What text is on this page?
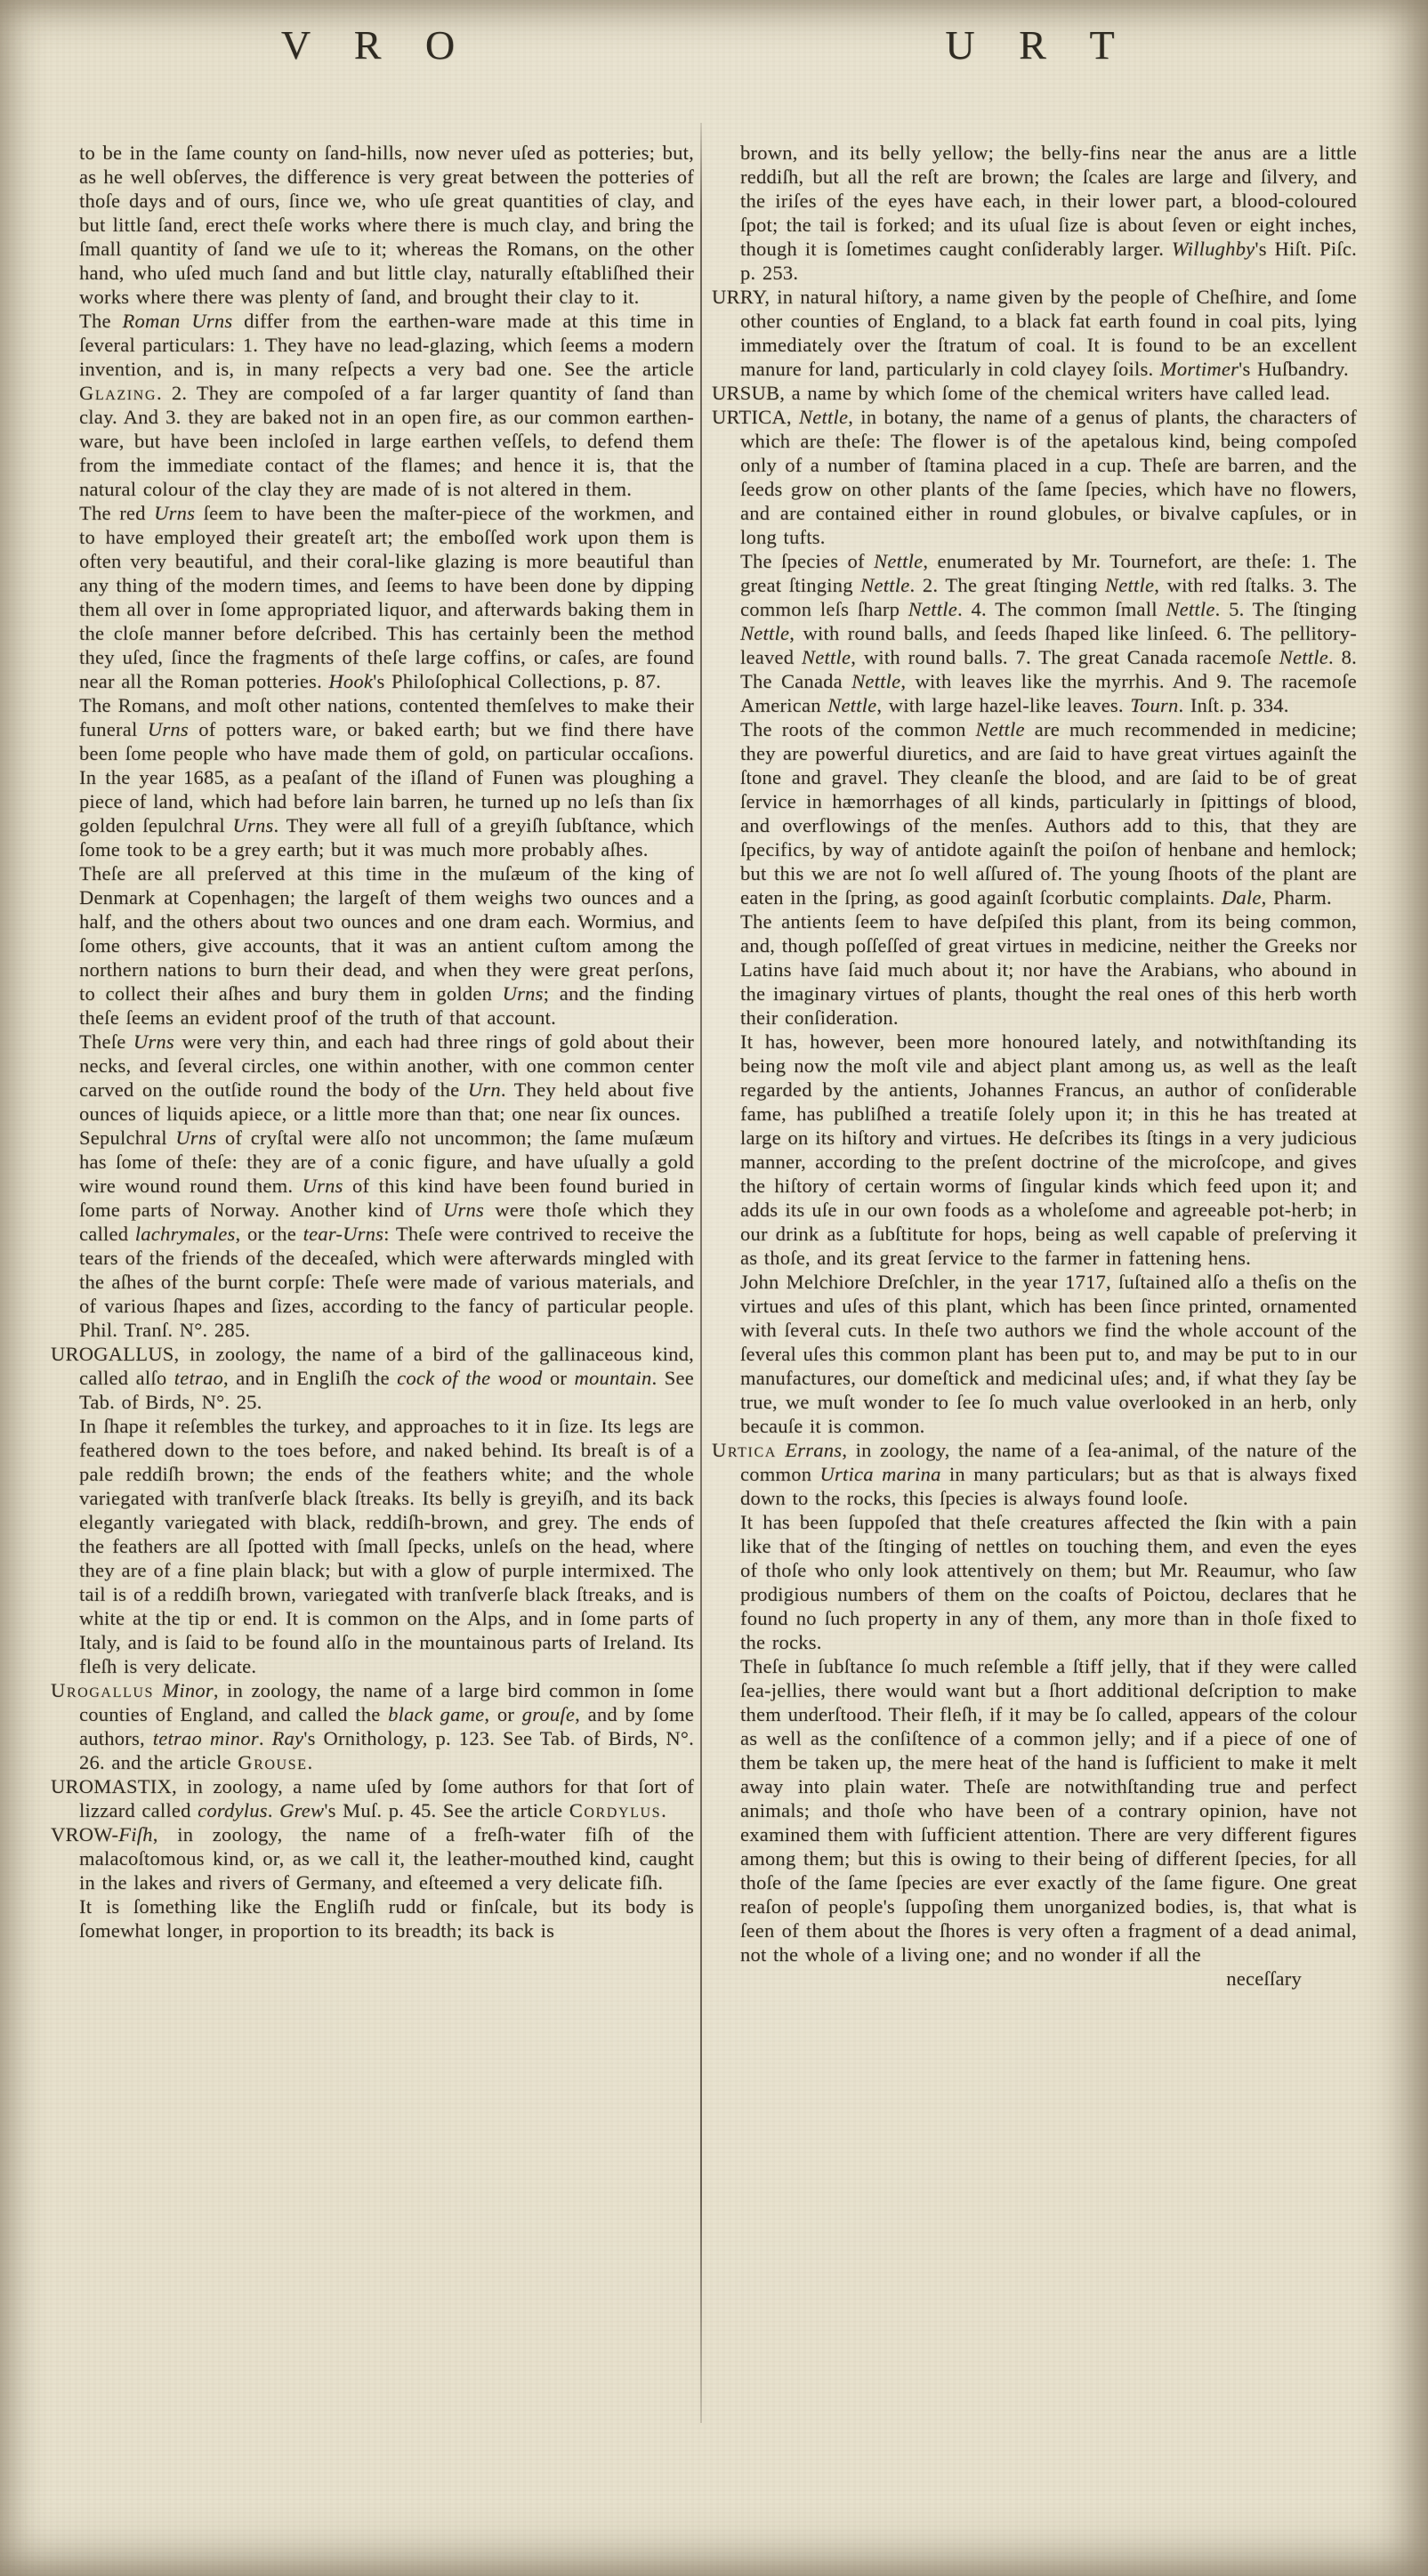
V R O	U R T

to be in the ſame county on ſand-hills, now never uſed as potteries; but, as he well obſerves, the difference is very great between the potteries of thoſe days and of ours, ſince we, who uſe great quantities of clay, and but little ſand, erect theſe works where there is much clay, and bring the ſmall quantity of ſand we uſe to it; whereas the Romans, on the other hand, who uſed much ſand and but little clay, naturally eſtabliſhed their works where there was plenty of ſand, and brought their clay to it.

The Roman Urns differ from the earthen-ware made at this time in ſeveral particulars: 1. They have no lead-glazing, which ſeems a modern invention, and is, in many reſpects a very bad one. See the article Glazing. 2. They are compoſed of a far larger quantity of ſand than clay. And 3. they are baked not in an open fire, as our common earthen-ware, but have been incloſed in large earthen veſſels, to defend them from the immediate contact of the flames; and hence it is, that the natural colour of the clay they are made of is not altered in them.

The red Urns ſeem to have been the maſter-piece of the workmen, and to have employed their greateſt art; the emboſſed work upon them is often very beautiful, and their coral-like glazing is more beautiful than any thing of the modern times, and ſeems to have been done by dipping them all over in ſome appropriated liquor, and afterwards baking them in the cloſe manner before deſcribed. This has certainly been the method they uſed, ſince the fragments of theſe large coffins, or caſes, are found near all the Roman potteries. Hook's Philoſophical Collections, p. 87.

The Romans, and moſt other nations, contented themſelves to make their funeral Urns of potters ware, or baked earth; but we find there have been ſome people who have made them of gold, on particular occaſions. In the year 1685, as a peaſant of the iſland of Funen was ploughing a piece of land, which had before lain barren, he turned up no leſs than ſix golden ſepulchral Urns. They were all full of a greyiſh ſubſtance, which ſome took to be a grey earth; but it was much more probably aſhes.

Theſe are all preſerved at this time in the muſæum of the king of Denmark at Copenhagen; the largeſt of them weighs two ounces and a half, and the others about two ounces and one dram each. Wormius, and ſome others, give accounts, that it was an antient cuſtom among the northern nations to burn their dead, and when they were great perſons, to collect their aſhes and bury them in golden Urns; and the finding theſe ſeems an evident proof of the truth of that account.

Theſe Urns were very thin, and each had three rings of gold about their necks, and ſeveral circles, one within another, with one common center carved on the outſide round the body of the Urn. They held about five ounces of liquids apiece, or a little more than that; one near ſix ounces.

Sepulchral Urns of cryſtal were alſo not uncommon; the ſame muſæum has ſome of theſe: they are of a conic figure, and have uſually a gold wire wound round them. Urns of this kind have been found buried in ſome parts of Norway. Another kind of Urns were thoſe which they called lachrymales, or the tear-Urns: Theſe were contrived to receive the tears of the friends of the deceaſed, which were afterwards mingled with the aſhes of the burnt corpſe: Theſe were made of various materials, and of various ſhapes and ſizes, according to the fancy of particular people. Phil. Tranſ. N°. 285.

UROGALLUS, in zoology, the name of a bird of the gallinaceous kind, called alſo tetrao, and in Engliſh the cock of the wood or mountain. See Tab. of Birds, N°. 25.

In ſhape it reſembles the turkey, and approaches to it in ſize. Its legs are feathered down to the toes before, and naked behind. Its breaſt is of a pale reddiſh brown; the ends of the feathers white; and the whole variegated with tranſverſe black ſtreaks. Its belly is greyiſh, and its back elegantly variegated with black, reddiſh-brown, and grey. The ends of the feathers are all ſpotted with ſmall ſpecks, unleſs on the head, where they are of a fine plain black; but with a glow of purple intermixed. The tail is of a reddiſh brown, variegated with tranſverſe black ſtreaks, and is white at the tip or end. It is common on the Alps, and in ſome parts of Italy, and is ſaid to be found alſo in the mountainous parts of Ireland. Its fleſh is very delicate.

Urogallus Minor, in zoology, the name of a large bird common in ſome counties of England, and called the black game, or grouſe, and by ſome authors, tetrao minor. Ray's Ornithology, p. 123. See Tab. of Birds, N°. 26. and the article Grouse.

UROMASTIX, in zoology, a name uſed by ſome authors for that ſort of lizzard called cordylus. Grew's Muſ. p. 45. See the article Cordylus.

VROW-Fiſh, in zoology, the name of a freſh-water fiſh of the malacoſtomous kind, or, as we call it, the leather-mouthed kind, caught in the lakes and rivers of Germany, and eſteemed a very delicate fiſh.

It is ſomething like the Engliſh rudd or finſcale, but its body is ſomewhat longer, in proportion to its breadth; its back is

brown, and its belly yellow; the belly-fins near the anus are a little reddiſh, but all the reſt are brown; the ſcales are large and ſilvery, and the iriſes of the eyes have each, in their lower part, a blood-coloured ſpot; the tail is forked; and its uſual ſize is about ſeven or eight inches, though it is ſometimes caught conſiderably larger. Willughby's Hiſt. Piſc. p. 253.

URRY, in natural hiſtory, a name given by the people of Cheſhire, and ſome other counties of England, to a black fat earth found in coal pits, lying immediately over the ſtratum of coal. It is found to be an excellent manure for land, particularly in cold clayey ſoils. Mortimer's Huſbandry.

URSUB, a name by which ſome of the chemical writers have called lead.

URTICA, Nettle, in botany, the name of a genus of plants, the characters of which are theſe: The flower is of the apetalous kind, being compoſed only of a number of ſtamina placed in a cup. Theſe are barren, and the ſeeds grow on other plants of the ſame ſpecies, which have no flowers, and are contained either in round globules, or bivalve capſules, or in long tufts.

The ſpecies of Nettle, enumerated by Mr. Tournefort, are theſe: 1. The great ſtinging Nettle. 2. The great ſtinging Nettle, with red ſtalks. 3. The common leſs ſharp Nettle. 4. The common ſmall Nettle. 5. The ſtinging Nettle, with round balls, and ſeeds ſhaped like linſeed. 6. The pellitory-leaved Nettle, with round balls. 7. The great Canada racemoſe Nettle. 8. The Canada Nettle, with leaves like the myrrhis. And 9. The racemoſe American Nettle, with large hazel-like leaves. Tourn. Inſt. p. 334.

The roots of the common Nettle are much recommended in medicine; they are powerful diuretics, and are ſaid to have great virtues againſt the ſtone and gravel. They cleanſe the blood, and are ſaid to be of great ſervice in hæmorrhages of all kinds, particularly in ſpittings of blood, and overflowings of the menſes. Authors add to this, that they are ſpecifics, by way of antidote againſt the poiſon of henbane and hemlock; but this we are not ſo well aſſured of. The young ſhoots of the plant are eaten in the ſpring, as good againſt ſcorbutic complaints. Dale, Pharm.

The antients ſeem to have deſpiſed this plant, from its being common, and, though poſſeſſed of great virtues in medicine, neither the Greeks nor Latins have ſaid much about it; nor have the Arabians, who abound in the imaginary virtues of plants, thought the real ones of this herb worth their conſideration.

It has, however, been more honoured lately, and notwithſtanding its being now the moſt vile and abject plant among us, as well as the leaſt regarded by the antients, Johannes Francus, an author of conſiderable fame, has publiſhed a treatiſe ſolely upon it; in this he has treated at large on its hiſtory and virtues. He deſcribes its ſtings in a very judicious manner, according to the preſent doctrine of the microſcope, and gives the hiſtory of certain worms of ſingular kinds which feed upon it; and adds its uſe in our own foods as a wholeſome and agreeable pot-herb; in our drink as a ſubſtitute for hops, being as well capable of preſerving it as thoſe, and its great ſervice to the farmer in fattening hens.

John Melchiore Dreſchler, in the year 1717, ſuſtained alſo a theſis on the virtues and uſes of this plant, which has been ſince printed, ornamented with ſeveral cuts. In theſe two authors we find the whole account of the ſeveral uſes this common plant has been put to, and may be put to in our manufactures, our domeſtick and medicinal uſes; and, if what they ſay be true, we muſt wonder to ſee ſo much value overlooked in an herb, only becauſe it is common.

Urtica Errans, in zoology, the name of a ſea-animal, of the nature of the common Urtica marina in many particulars; but as that is always fixed down to the rocks, this ſpecies is always found looſe.

It has been ſuppoſed that theſe creatures affected the ſkin with a pain like that of the ſtinging of nettles on touching them, and even the eyes of thoſe who only look attentively on them; but Mr. Reaumur, who ſaw prodigious numbers of them on the coaſts of Poictou, declares that he found no ſuch property in any of them, any more than in thoſe fixed to the rocks.

Theſe in ſubſtance ſo much reſemble a ſtiff jelly, that if they were called ſea-jellies, there would want but a ſhort additional deſcription to make them underſtood. Their fleſh, if it may be ſo called, appears of the colour as well as the conſiſtence of a common jelly; and if a piece of one of them be taken up, the mere heat of the hand is ſufficient to make it melt away into plain water. Theſe are notwithſtanding true and perfect animals; and thoſe who have been of a contrary opinion, have not examined them with ſufficient attention. There are very different figures among them; but this is owing to their being of different ſpecies, for all thoſe of the ſame ſpecies are ever exactly of the ſame figure. One great reaſon of people's ſuppoſing them unorganized bodies, is, that what is ſeen of them about the ſhores is very often a fragment of a dead animal, not the whole of a living one; and no wonder if all the

neceſſary
